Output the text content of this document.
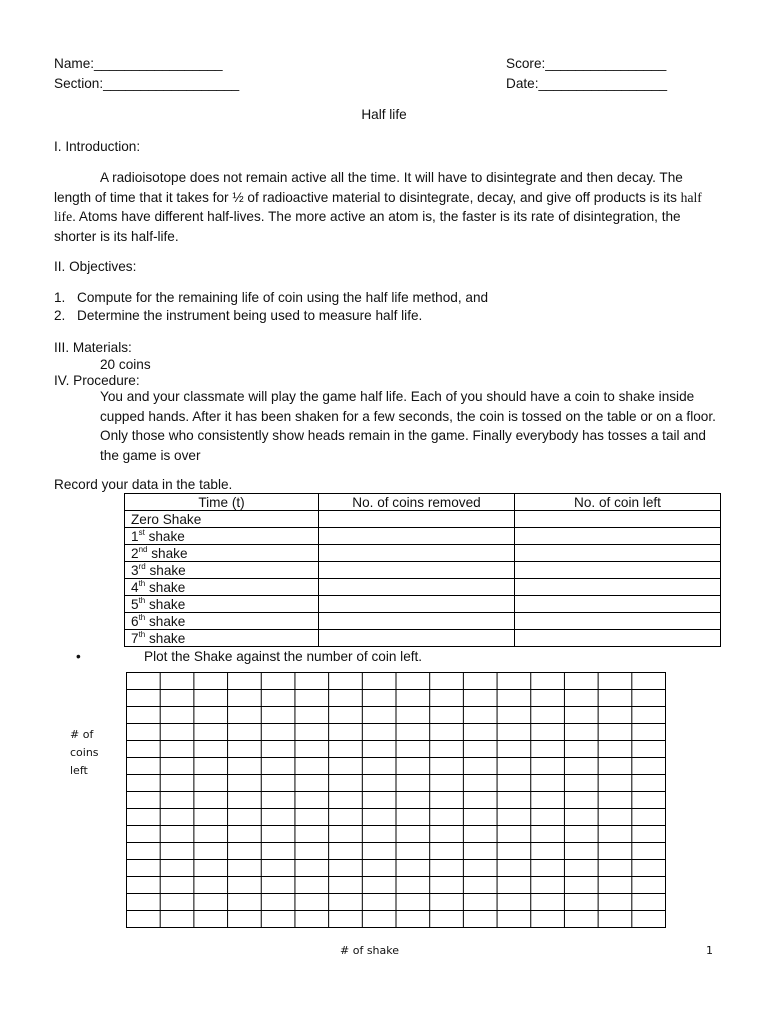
Name:_________________
Section:__________________
Score:________________
Date:_________________
Half life
I. Introduction:
A radioisotope does not remain active all the time. It will have to disintegrate and then decay. The length of time that it takes for ½ of radioactive material to disintegrate, decay, and give off products is its half life. Atoms have different half-lives. The more active an atom is, the faster is its rate of disintegration, the shorter is its half-life.
II. Objectives:
1. Compute for the remaining life of coin using the half life method, and
2. Determine the instrument being used to measure half life.
III. Materials:
20 coins
IV. Procedure:
You and your classmate will play the game half life. Each of you should have a coin to shake inside cupped hands. After it has been shaken for a few seconds, the coin is tossed on the table or on a floor. Only those who consistently show heads remain in the game. Finally everybody has tosses a tail and the game is over
Record your data in the table.
Time (t)	No. of coins removed	No. of coin left
Zero Shake		
1st shake		
2nd shake		
3rd shake		
4th shake		
5th shake		
6th shake		
7th shake		
•	Plot the Shake against the number of coin left.
# of
coins
left
# of shake	1
